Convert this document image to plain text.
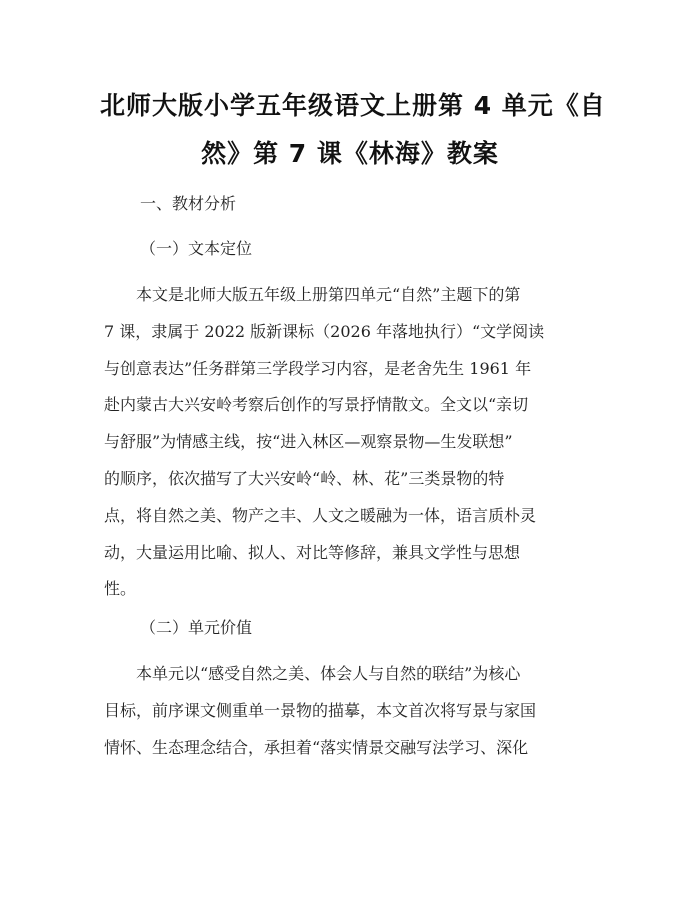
北师大版小学五年级语文上册第 4 单元《自
然》第 7 课《林海》教案

一、教材分析

（一）文本定位

本文是北师大版五年级上册第四单元“自然”主题下的第
7 课，隶属于 2022 版新课标（2026 年落地执行）“文学阅读
与创意表达”任务群第三学段学习内容，是老舍先生 1961 年
赴内蒙古大兴安岭考察后创作的写景抒情散文。全文以“亲切
与舒服”为情感主线，按“进入林区—观察景物—生发联想”
的顺序，依次描写了大兴安岭“岭、林、花”三类景物的特
点，将自然之美、物产之丰、人文之暖融为一体，语言质朴灵
动，大量运用比喻、拟人、对比等修辞，兼具文学性与思想
性。

（二）单元价值

本单元以“感受自然之美、体会人与自然的联结”为核心
目标，前序课文侧重单一景物的描摹，本文首次将写景与家国
情怀、生态理念结合，承担着“落实情景交融写法学习、深化
